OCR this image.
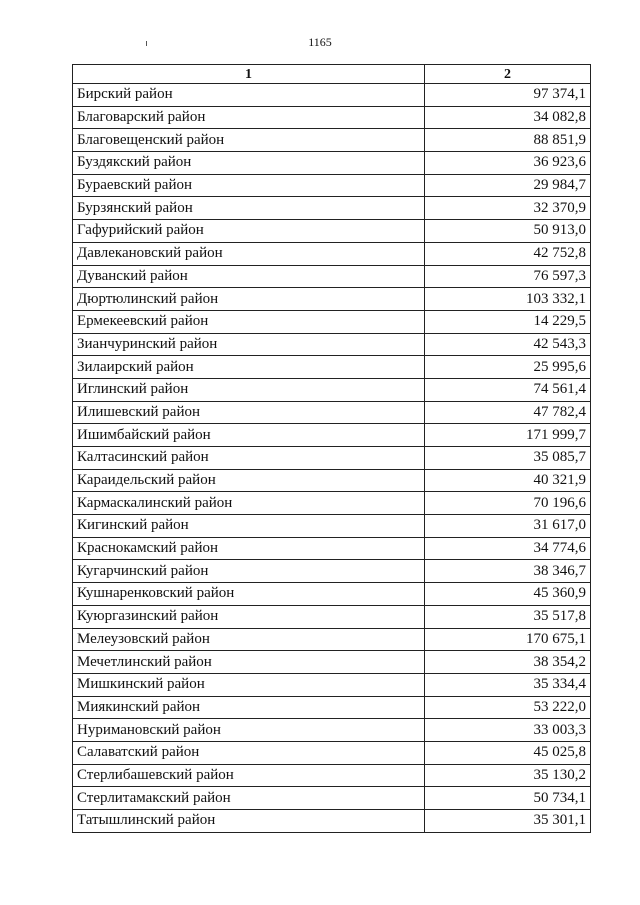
1165
1	2
Бирский район	97 374,1
Благоварский район	34 082,8
Благовещенский район	88 851,9
Буздякский район	36 923,6
Бураевский район	29 984,7
Бурзянский район	32 370,9
Гафурийский район	50 913,0
Давлекановский район	42 752,8
Дуванский район	76 597,3
Дюртюлинский район	103 332,1
Ермекеевский район	14 229,5
Зианчуринский район	42 543,3
Зилаирский район	25 995,6
Иглинский район	74 561,4
Илишевский район	47 782,4
Ишимбайский район	171 999,7
Калтасинский район	35 085,7
Караидельский район	40 321,9
Кармаскалинский район	70 196,6
Кигинский район	31 617,0
Краснокамский район	34 774,6
Кугарчинский район	38 346,7
Кушнаренковский район	45 360,9
Куюргазинский район	35 517,8
Мелеузовский район	170 675,1
Мечетлинский район	38 354,2
Мишкинский район	35 334,4
Миякинский район	53 222,0
Нуримановский район	33 003,3
Салаватский район	45 025,8
Стерлибашевский район	35 130,2
Стерлитамакский район	50 734,1
Татышлинский район	35 301,1
